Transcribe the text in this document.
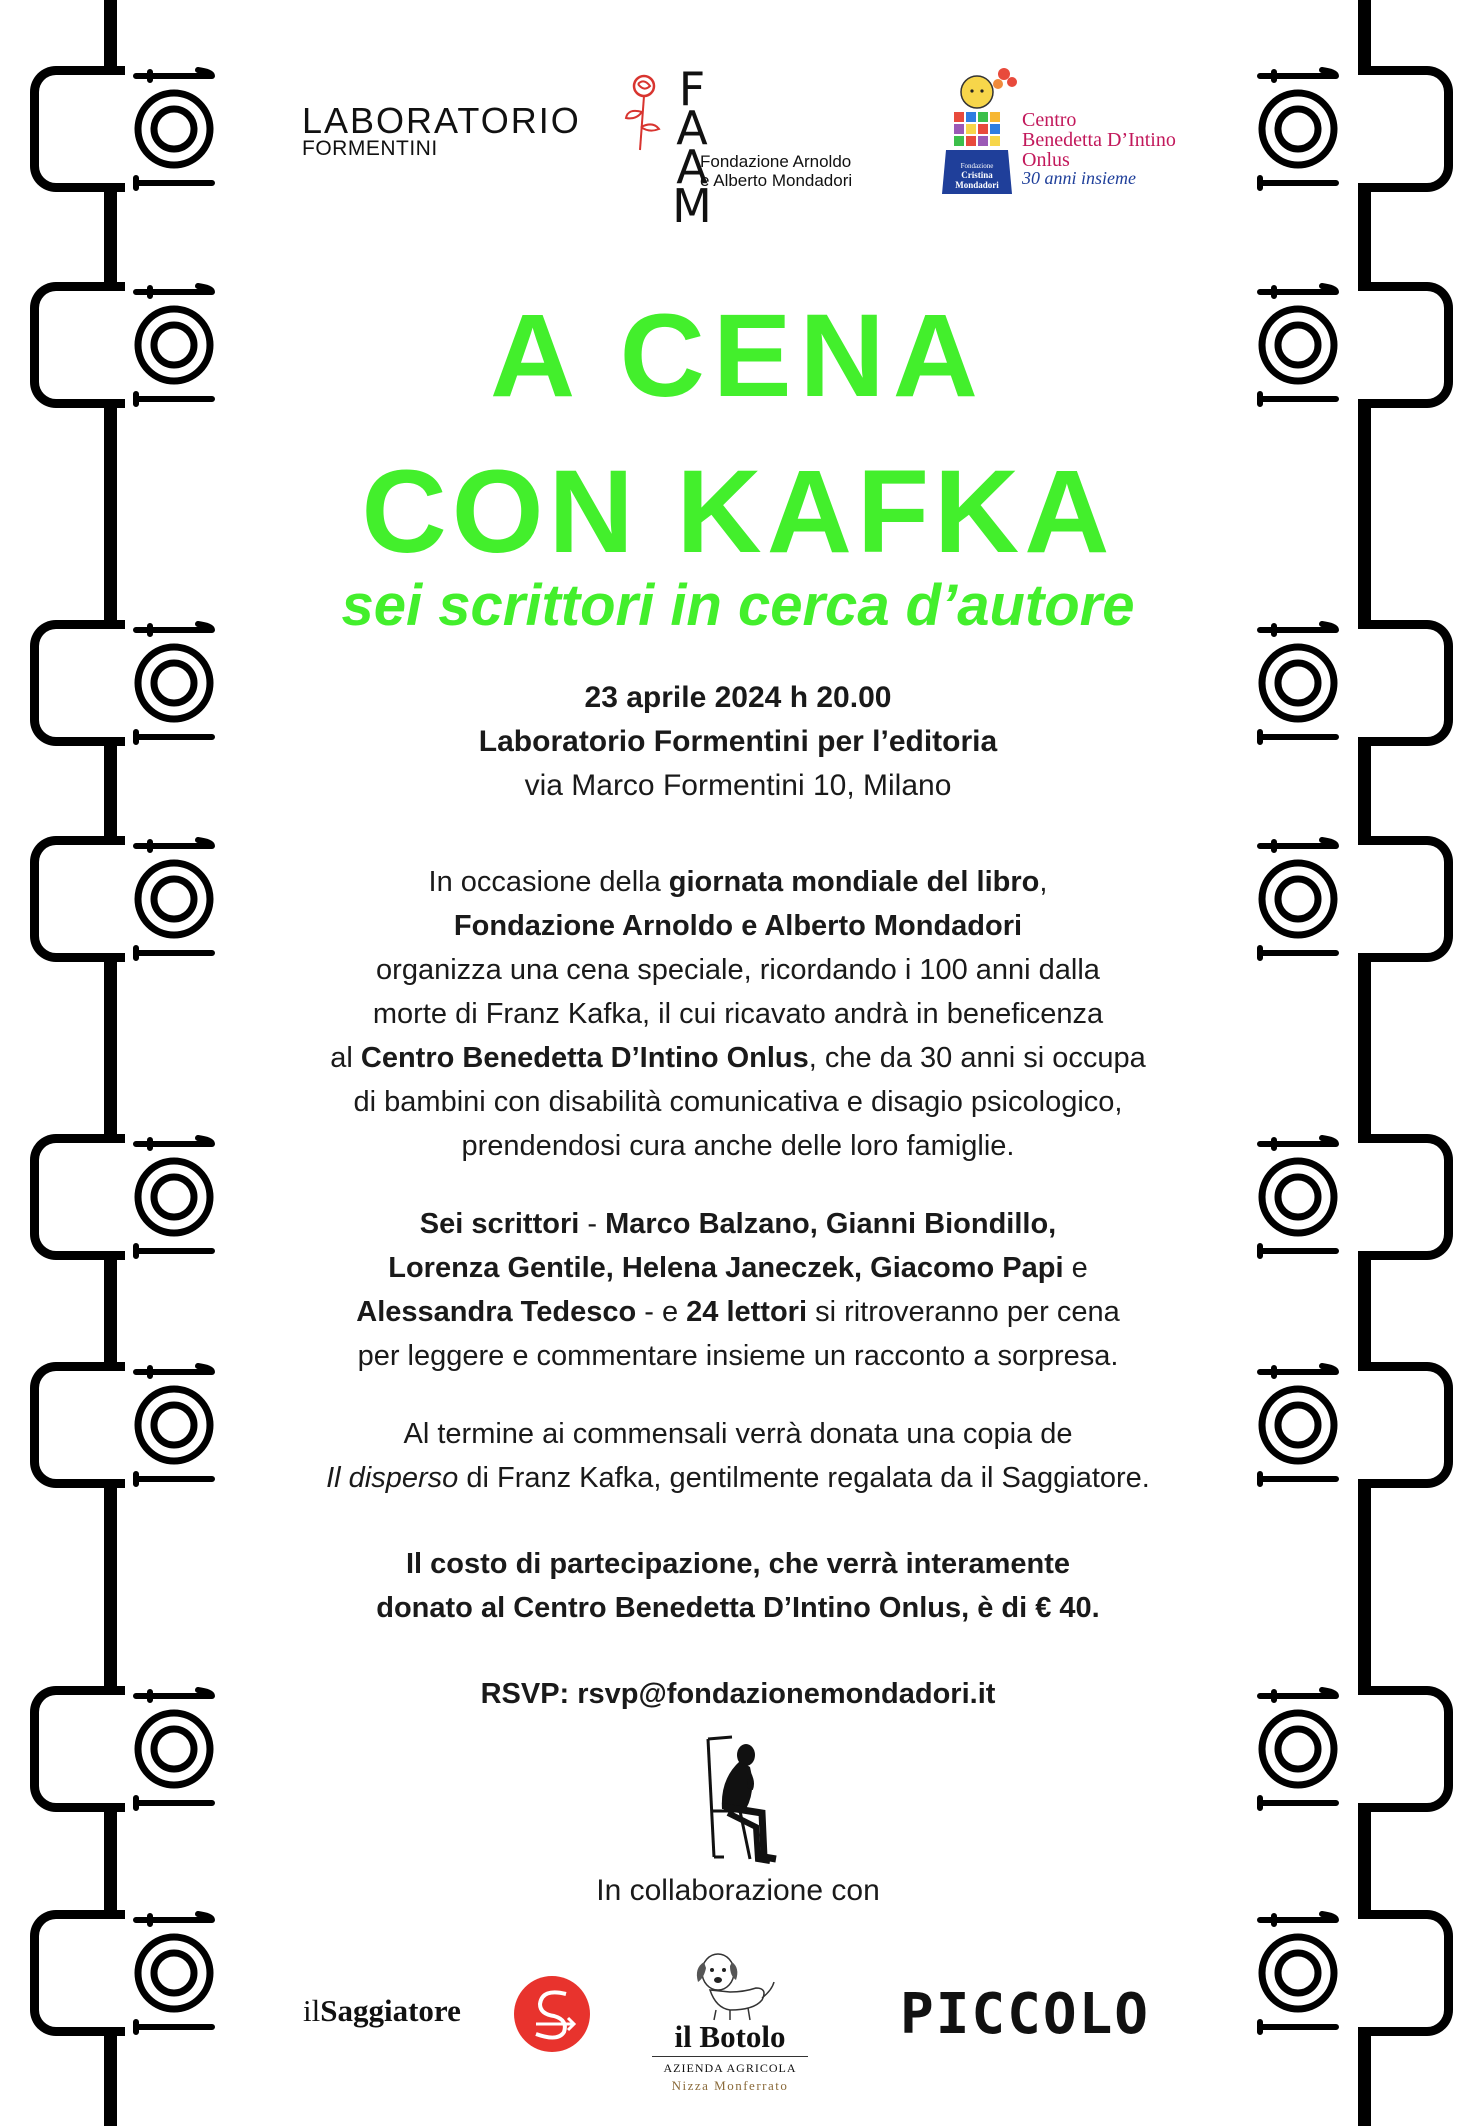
LABORATORIO
FORMENTINI
F
A
A
M
Fondazione Arnoldo
e Alberto Mondadori
Fondazione
Cristina
Mondadori
Centro
Benedetta D’Intino
Onlus
30 anni insieme
A CENA
CON KAFKA
sei scrittori in cerca d’autore

23 aprile 2024 h 20.00

Laboratorio Formentini per l’editoria

via Marco Formentini 10, Milano

In occasione della giornata mondiale del libro,

Fondazione Arnoldo e Alberto Mondadori

organizza una cena speciale, ricordando i 100 anni dalla

morte di Franz Kafka, il cui ricavato andrà in beneficenza

al Centro Benedetta D’Intino Onlus, che da 30 anni si occupa

di bambini con disabilità comunicativa e disagio psicologico,

prendendosi cura anche delle loro famiglie.

Sei scrittori - Marco Balzano, Gianni Biondillo,

Lorenza Gentile, Helena Janeczek, Giacomo Papi e

Alessandra Tedesco - e 24 lettori si ritroveranno per cena

per leggere e commentare insieme un racconto a sorpresa.

Al termine ai commensali verrà donata una copia de

Il disperso di Franz Kafka, gentilmente regalata da il Saggiatore.

Il costo di partecipazione, che verrà interamente

donato al Centro Benedetta D’Intino Onlus, è di € 40.

RSVP: rsvp@fondazionemondadori.it

In collaborazione con
ilSaggiatore
il Botolo
AZIENDA AGRICOLA
Nizza Monferrato
PICCOLO
